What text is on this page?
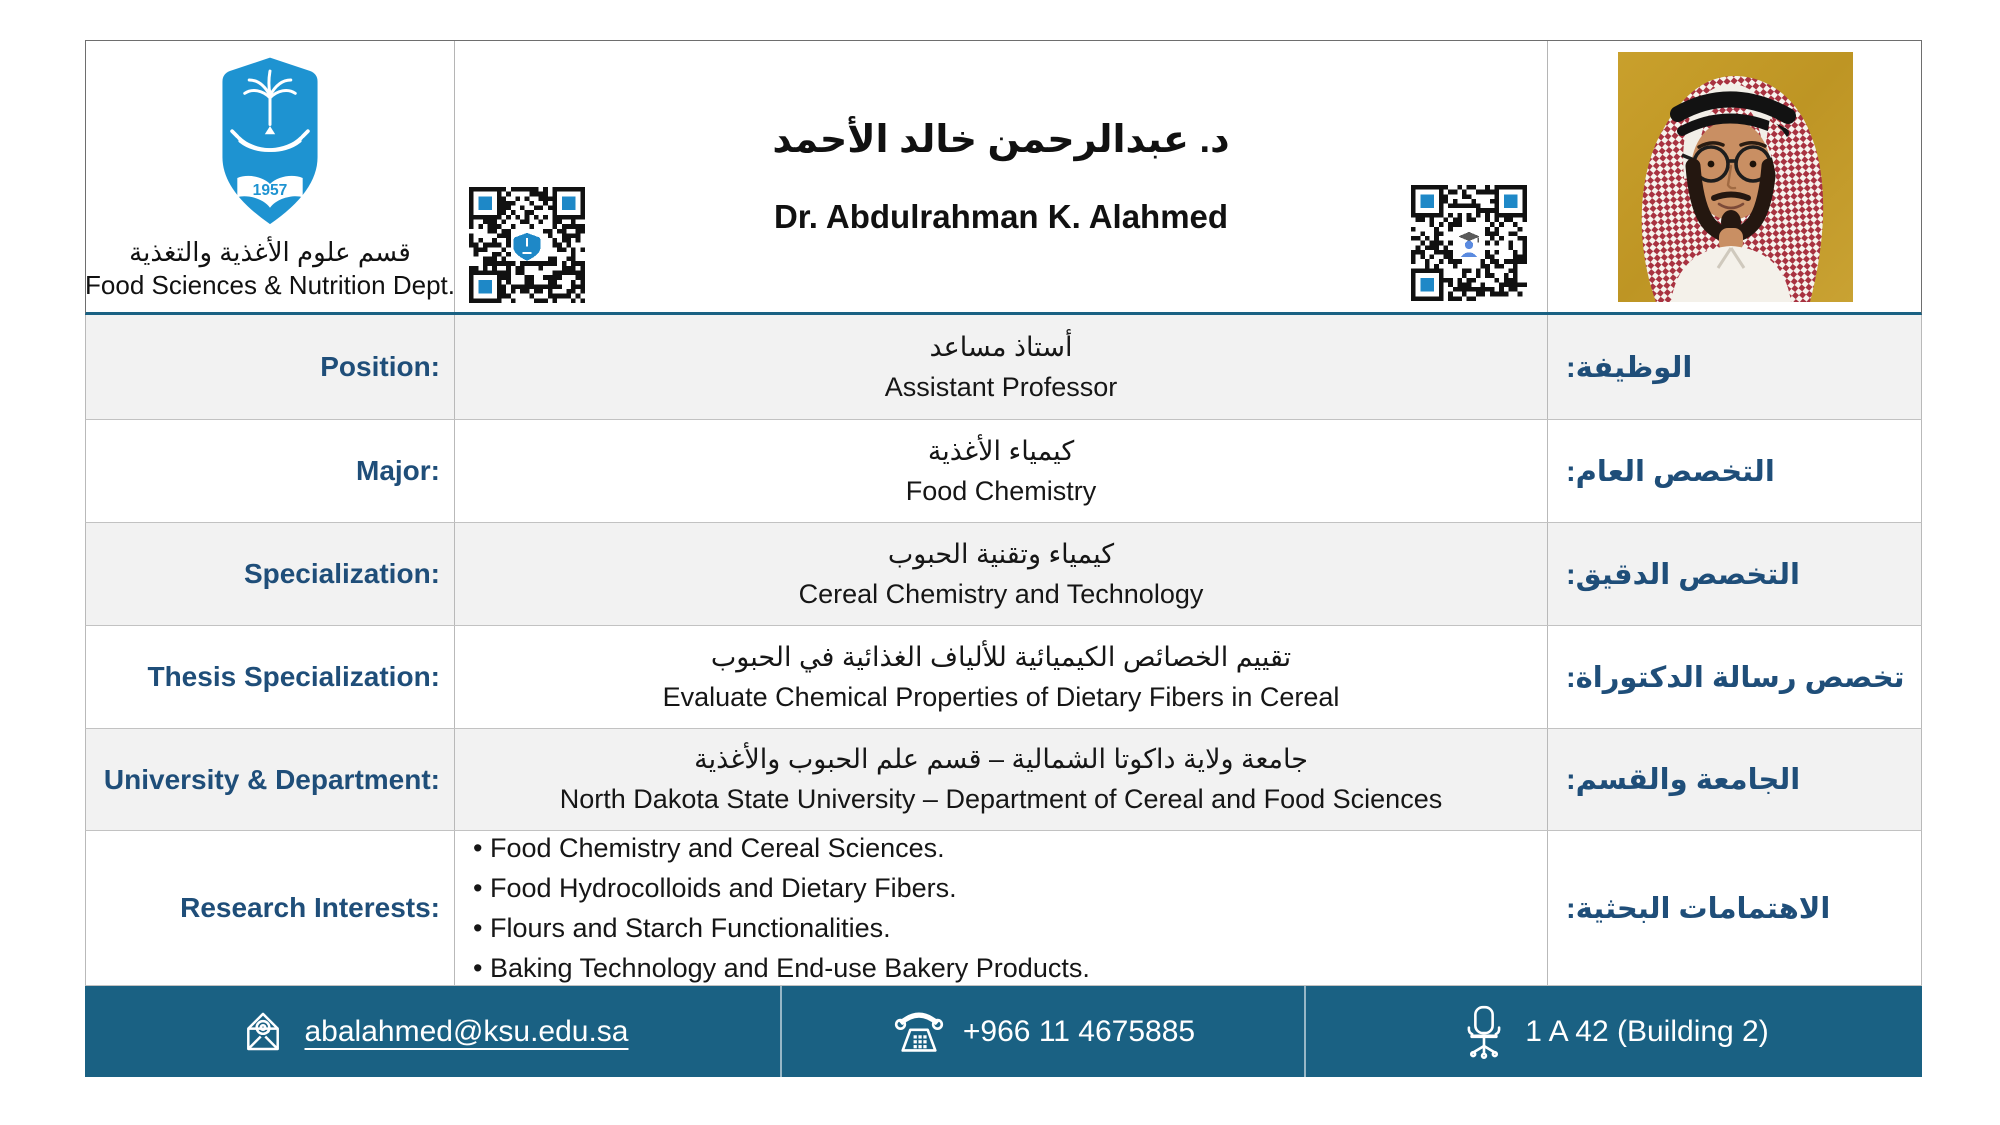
1957
قسم علوم الأغذية والتغذية
Food Sciences & Nutrition Dept.
د. عبدالرحمن خالد الأحمد
Dr. Abdulrahman K. Alahmed
Position:
أستاذ مساعد
Assistant Professor
الوظيفة:
Major:
كيمياء الأغذية
Food Chemistry
التخصص العام:
Specialization:
كيمياء وتقنية الحبوب
Cereal Chemistry and Technology
التخصص الدقيق:
Thesis Specialization:
تقييم الخصائص الكيميائية للألياف الغذائية في الحبوب
Evaluate Chemical Properties of Dietary Fibers in Cereal
تخصص رسالة الدكتوراة:
University & Department:
جامعة ولاية داكوتا الشمالية – قسم علم الحبوب والأغذية
North Dakota State University – Department of Cereal and Food Sciences
الجامعة والقسم:
Research Interests:
• Food Chemistry and Cereal Sciences.
• Food Hydrocolloids and Dietary Fibers.
• Flours and Starch Functionalities.
• Baking Technology and End-use Bakery Products.
الاهتمامات البحثية:
abalahmed@ksu.edu.sa	+966 11 4675885	1 A 42 (Building 2)
